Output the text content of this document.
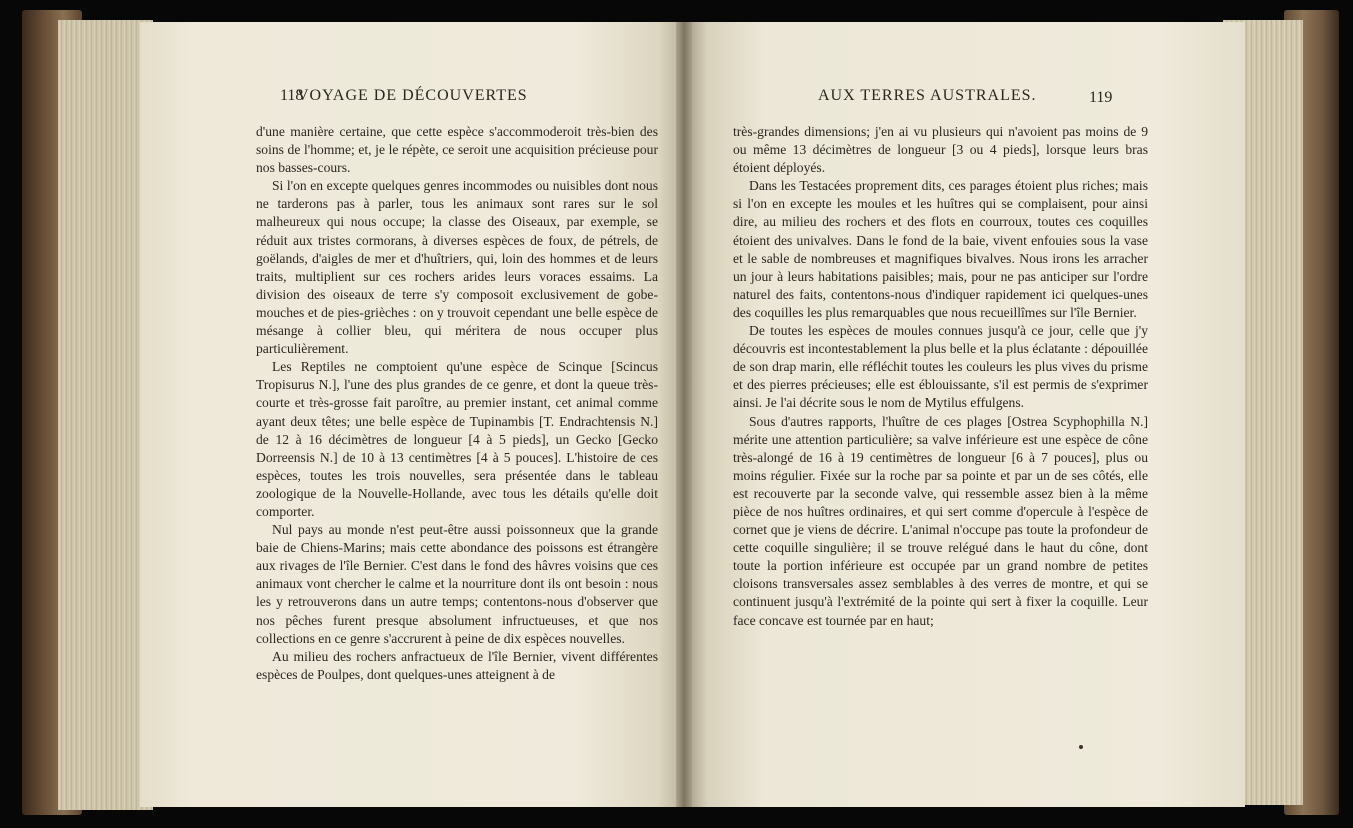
118
VOYAGE DE DÉCOUVERTES

d'une manière certaine, que cette espèce s'accommoderoit très-bien des soins de l'homme; et, je le répète, ce seroit une acquisition précieuse pour nos basses-cours.

Si l'on en excepte quelques genres incommodes ou nuisibles dont nous ne tarderons pas à parler, tous les animaux sont rares sur le sol malheureux qui nous occupe; la classe des Oiseaux, par exemple, se réduit aux tristes cormorans, à diverses espèces de foux, de pétrels, de goëlands, d'aigles de mer et d'huîtriers, qui, loin des hommes et de leurs traits, multiplient sur ces rochers arides leurs voraces essaims. La division des oiseaux de terre s'y composoit exclusivement de gobe-mouches et de pies-grièches : on y trouvoit cependant une belle espèce de mésange à collier bleu, qui méritera de nous occuper plus particulièrement.

Les Reptiles ne comptoient qu'une espèce de Scinque [Scincus Tropisurus N.], l'une des plus grandes de ce genre, et dont la queue très-courte et très-grosse fait paroître, au premier instant, cet animal comme ayant deux têtes; une belle espèce de Tupinambis [T. Endrachtensis N.] de 12 à 16 décimètres de longueur [4 à 5 pieds], un Gecko [Gecko Dorreensis N.] de 10 à 13 centimètres [4 à 5 pouces]. L'histoire de ces espèces, toutes les trois nouvelles, sera présentée dans le tableau zoologique de la Nouvelle-Hollande, avec tous les détails qu'elle doit comporter.

Nul pays au monde n'est peut-être aussi poissonneux que la grande baie de Chiens-Marins; mais cette abondance des poissons est étrangère aux rivages de l'île Bernier. C'est dans le fond des hâvres voisins que ces animaux vont chercher le calme et la nourriture dont ils ont besoin : nous les y retrouverons dans un autre temps; contentons-nous d'observer que nos pêches furent presque absolument infructueuses, et que nos collections en ce genre s'accrurent à peine de dix espèces nouvelles.

Au milieu des rochers anfractueux de l'île Bernier, vivent différentes espèces de Poulpes, dont quelques-unes atteignent à de

AUX TERRES AUSTRALES.	119

très-grandes dimensions; j'en ai vu plusieurs qui n'avoient pas moins de 9 ou même 13 décimètres de longueur [3 ou 4 pieds], lorsque leurs bras étoient déployés.

Dans les Testacées proprement dits, ces parages étoient plus riches; mais si l'on en excepte les moules et les huîtres qui se complaisent, pour ainsi dire, au milieu des rochers et des flots en courroux, toutes ces coquilles étoient des univalves. Dans le fond de la baie, vivent enfouies sous la vase et le sable de nombreuses et magnifiques bivalves. Nous irons les arracher un jour à leurs habitations paisibles; mais, pour ne pas anticiper sur l'ordre naturel des faits, contentons-nous d'indiquer rapidement ici quelques-unes des coquilles les plus remarquables que nous recueillîmes sur l'île Bernier.

De toutes les espèces de moules connues jusqu'à ce jour, celle que j'y découvris est incontestablement la plus belle et la plus éclatante : dépouillée de son drap marin, elle réfléchit toutes les couleurs les plus vives du prisme et des pierres précieuses; elle est éblouissante, s'il est permis de s'exprimer ainsi. Je l'ai décrite sous le nom de Mytilus effulgens.

Sous d'autres rapports, l'huître de ces plages [Ostrea Scyphophilla N.] mérite une attention particulière; sa valve inférieure est une espèce de cône très-alongé de 16 à 19 centimètres de longueur [6 à 7 pouces], plus ou moins régulier. Fixée sur la roche par sa pointe et par un de ses côtés, elle est recouverte par la seconde valve, qui ressemble assez bien à la même pièce de nos huîtres ordinaires, et qui sert comme d'opercule à l'espèce de cornet que je viens de décrire. L'animal n'occupe pas toute la profondeur de cette coquille singulière; il se trouve relégué dans le haut du cône, dont toute la portion inférieure est occupée par un grand nombre de petites cloisons transversales assez semblables à des verres de montre, et qui se continuent jusqu'à l'extrémité de la pointe qui sert à fixer la coquille. Leur face concave est tournée par en haut;
